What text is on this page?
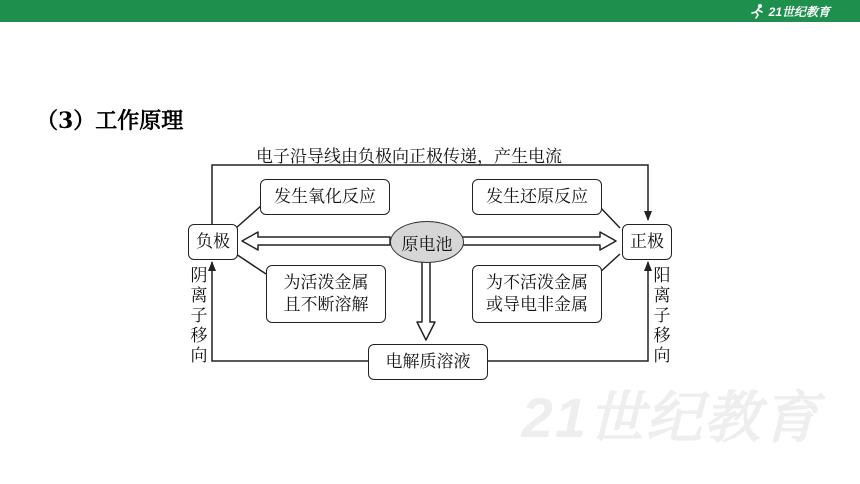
21世纪教育
21世纪教育
（3）工作原理
电子沿导线由负极向正极传递，产生电流
负极	正极
原电池
发生氧化反应	发生还原反应
为活泼金属
且不断溶解
为不活泼金属
或导电非金属
电解质溶液
阴
离
子
移
向
阳
离
子
移
向
